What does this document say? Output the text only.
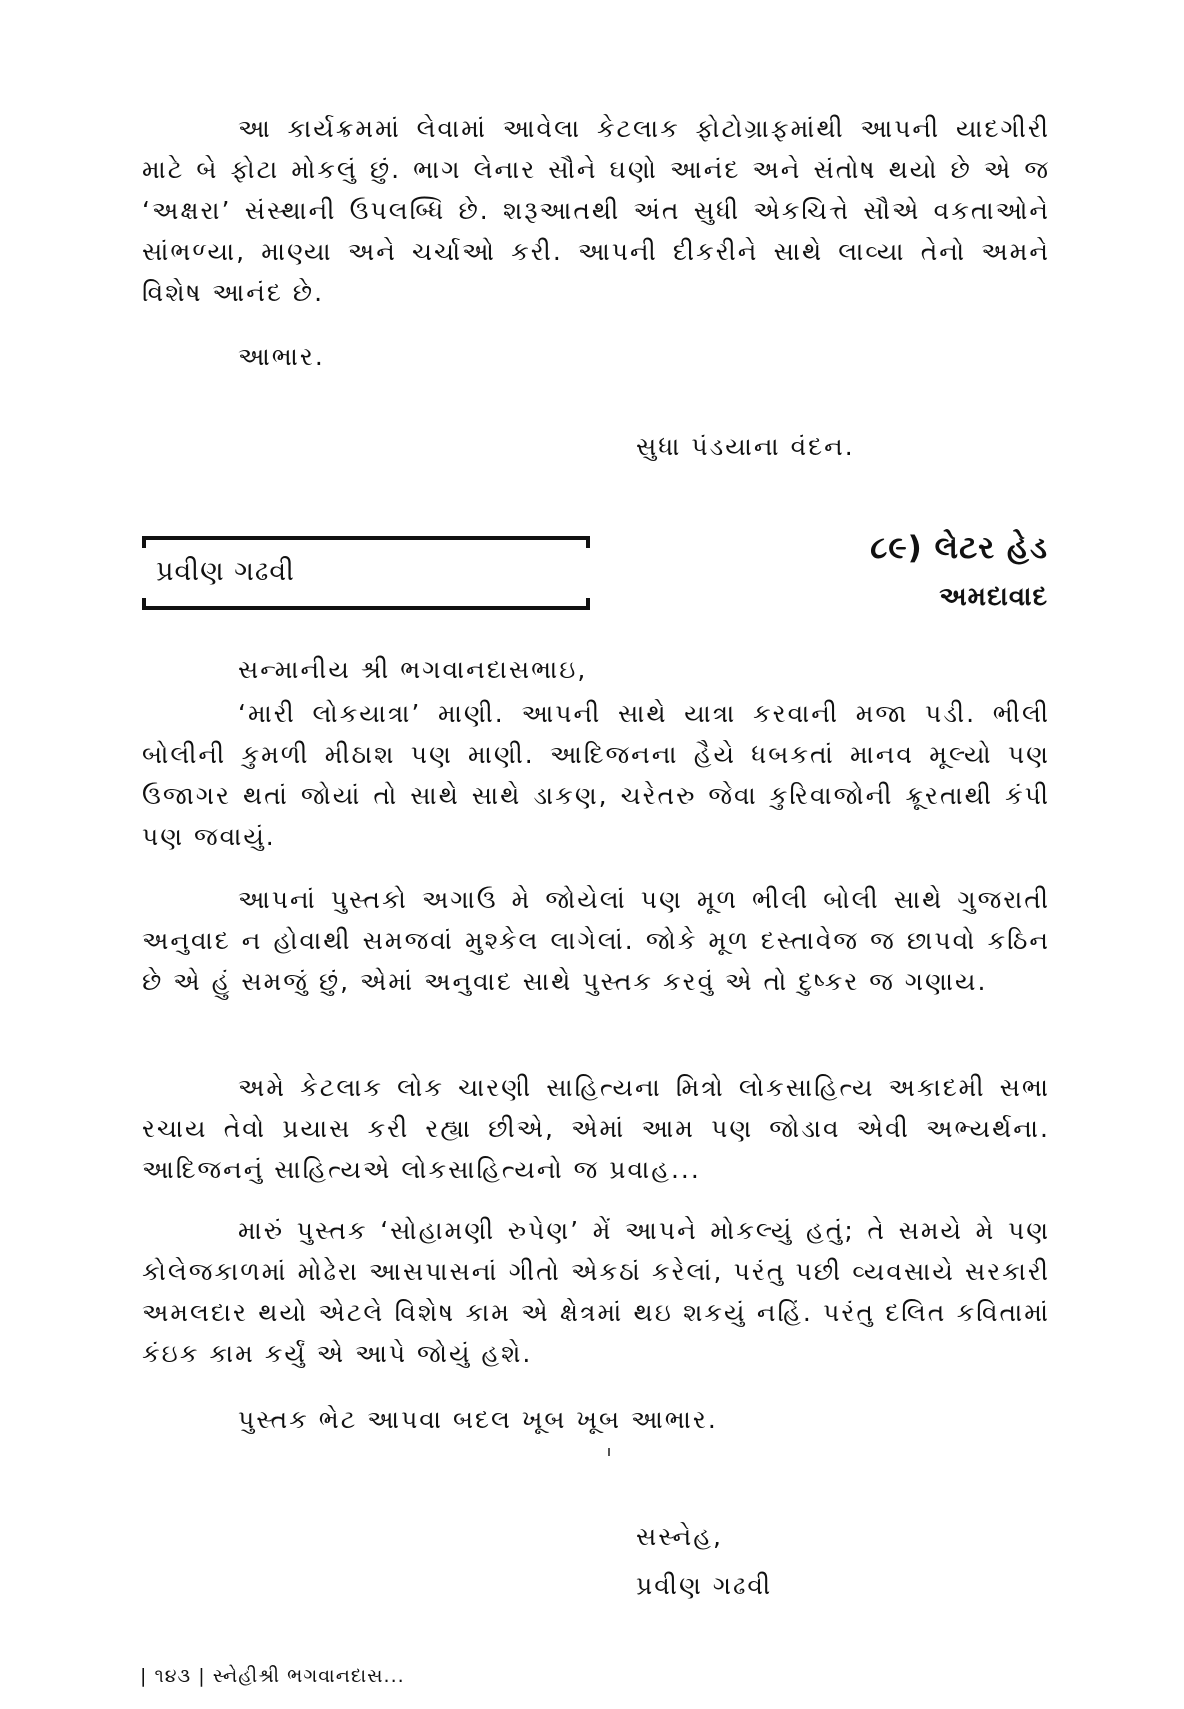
આ કાર્યક્રમમાં લેવામાં આવેલા કેટલાક ફોટોગ્રાફમાંથી આપની યાદગીરી માટે બે ફોટા મોકલું છું. ભાગ લેનાર સૌને ઘણો આનંદ અને સંતોષ થયો છે એ જ ‘અક્ષરા’ સંસ્થાની ઉપલબ્ધિ છે. શરૂઆતથી અંત સુધી એકચિત્તે સૌએ વકતાઓને સાંભળ્યા, માણ્યા અને ચર્ચાઓ કરી. આપની દીકરીને સાથે લાવ્યા તેનો અમને વિશેષ આનંદ છે.

આભાર.
સુધા પંડયાના વંદન.
પ્રવીણ ગઢવી
૮૯) લેટર હેડ
અમદાવાદ
સન્માનીય શ્રી ભગવાનદાસભાઇ,

‘મારી લોકયાત્રા’ માણી. આપની સાથે યાત્રા કરવાની મજા પડી. ભીલી બોલીની કુમળી મીઠાશ પણ માણી. આદિજનના હૈયે ધબકતાં માનવ મૂલ્યો પણ ઉજાગર થતાં જોયાં તો સાથે સાથે ડાકણ, ચરેતરુ જેવા કુરિવાજોની ક્રૂરતાથી કંપી પણ જવાયું.

આપનાં પુસ્તકો અગાઉ મે જોયેલાં પણ મૂળ ભીલી બોલી સાથે ગુજરાતી અનુવાદ ન હોવાથી સમજવાં મુશ્કેલ લાગેલાં. જોકે મૂળ દસ્તાવેજ જ છાપવો કઠિન છે એ હું સમજું છું, એમાં અનુવાદ સાથે પુસ્તક કરવું એ તો દુષ્કર જ ગણાય.

અમે કેટલાક લોક ચારણી સાહિત્યના મિત્રો લોકસાહિત્ય અકાદમી સભા રચાય તેવો પ્રયાસ કરી રહ્યા છીએ, એમાં આમ પણ જોડાવ એવી અભ્યર્થના. આદિજનનું સાહિત્યએ લોકસાહિત્યનો જ પ્રવાહ...

મારું પુસ્તક ‘સોહામણી રુપેણ’ મેં આપને મોકલ્યું હતું; તે સમયે મે પણ કોલેજકાળમાં મોઢેરા આસપાસનાં ગીતો એકઠાં કરેલાં, પરંતુ પછી વ્યવસાયે સરકારી અમલદાર થયો એટલે વિશેષ કામ એ ક્ષેત્રમાં થઇ શકયું નહિં. પરંતુ દલિત કવિતામાં કંઇક કામ કર્યું એ આપે જોયું હશે.

પુસ્તક ભેટ આપવા બદલ ખૂબ ખૂબ આભાર.
સસ્નેહ,
પ્રવીણ ગઢવી
| ૧૪૩ | સ્નેહીશ્રી ભગવાનદાસ...
